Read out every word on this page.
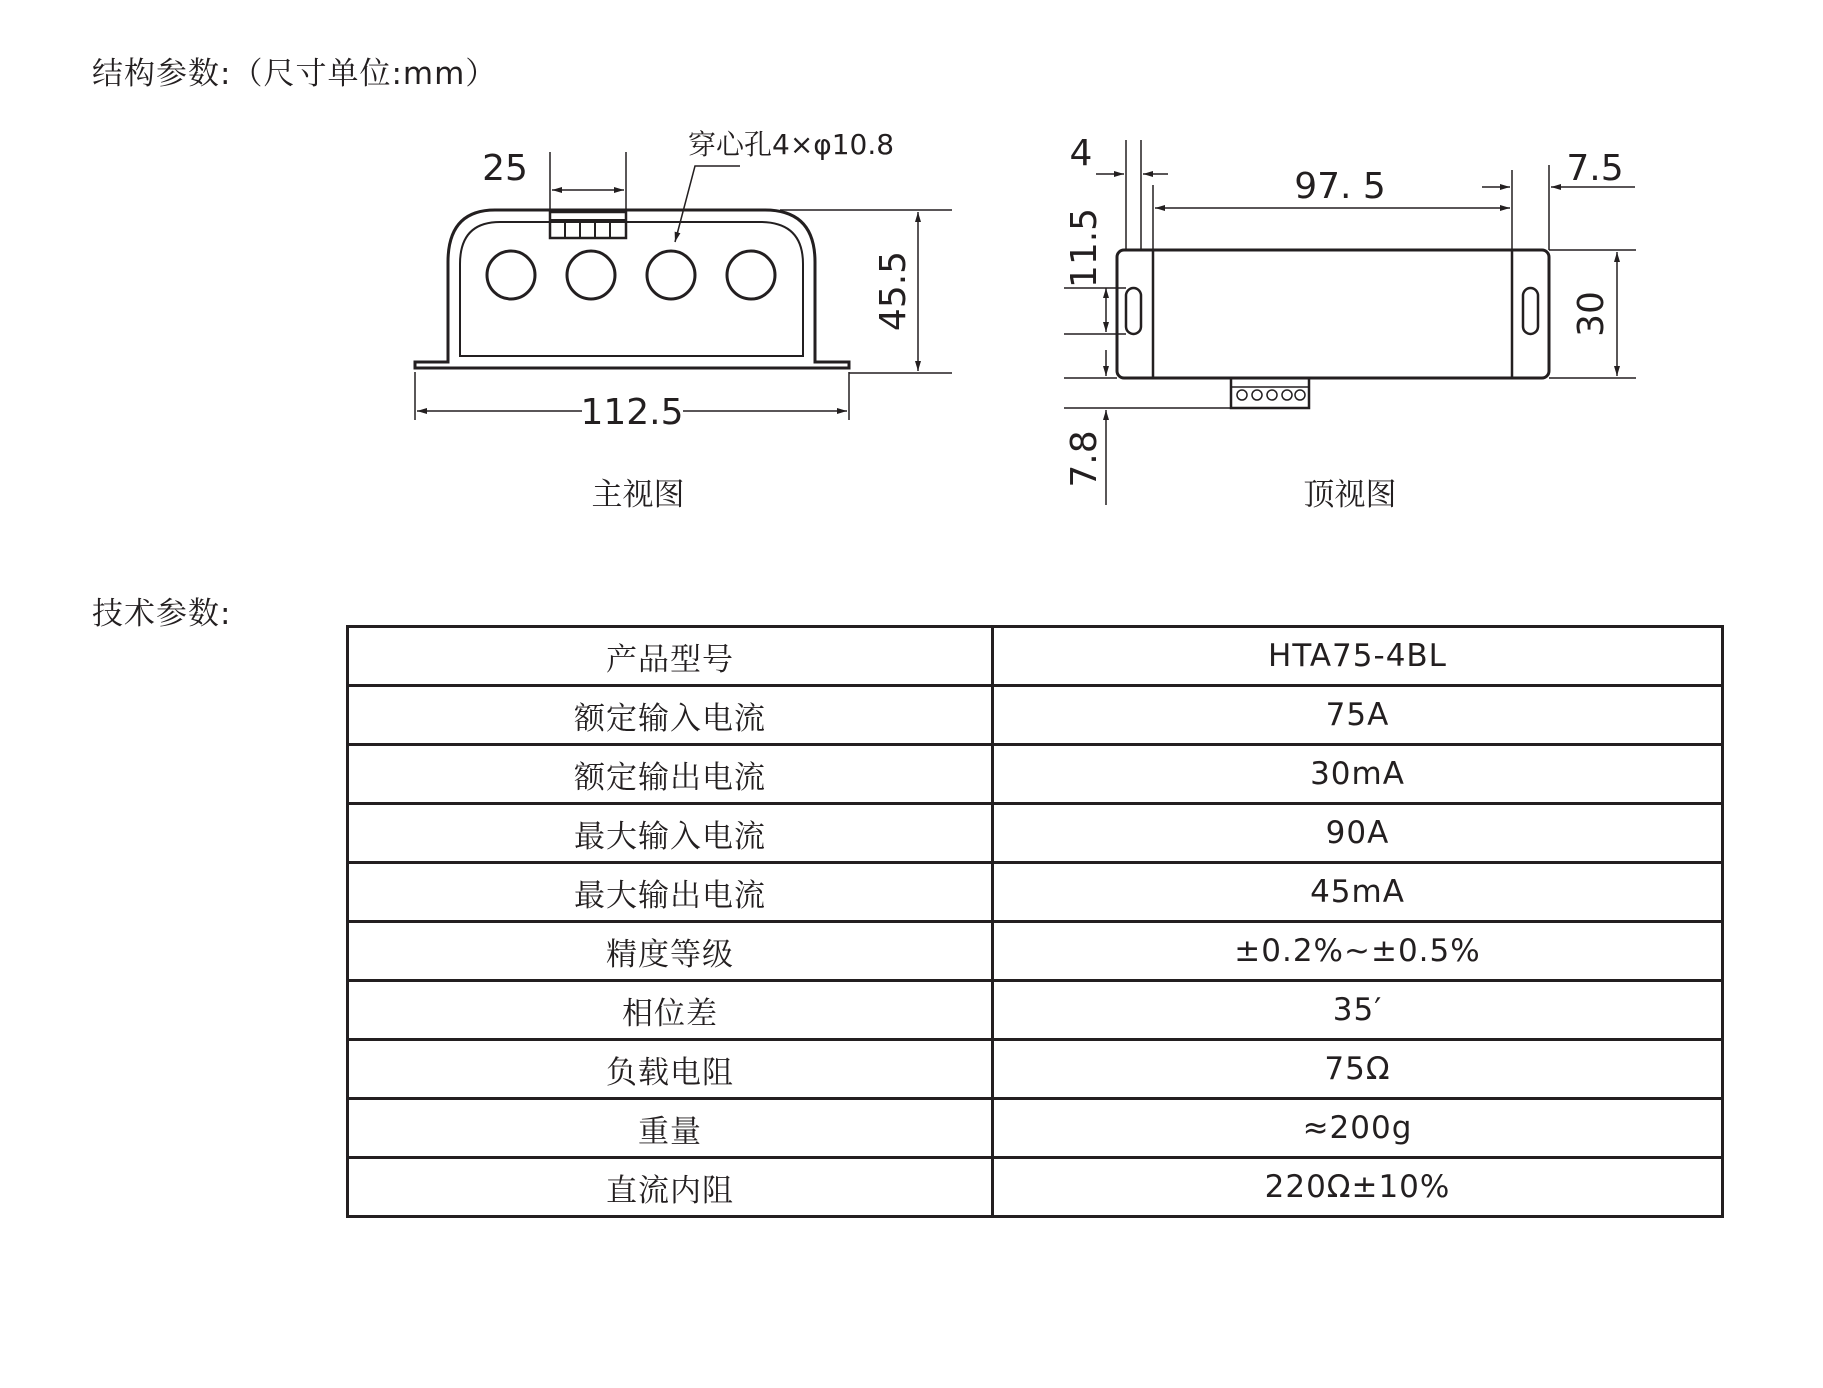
结构参数:（尺寸单位:mm）
25
穿心孔4×φ10.8
45.5
112.5
主视图
4
97. 5	7.5
11.5
30
7.8
顶视图
技术参数:
产品型号	HTA75-4BL
额定输入电流	75A
额定输出电流	30mA
最大输入电流	90A
最大输出电流	45mA
精度等级	±0.2%~±0.5%
相位差	35′
负载电阻	75Ω
重量	≈200g
直流内阻	220Ω±10%
